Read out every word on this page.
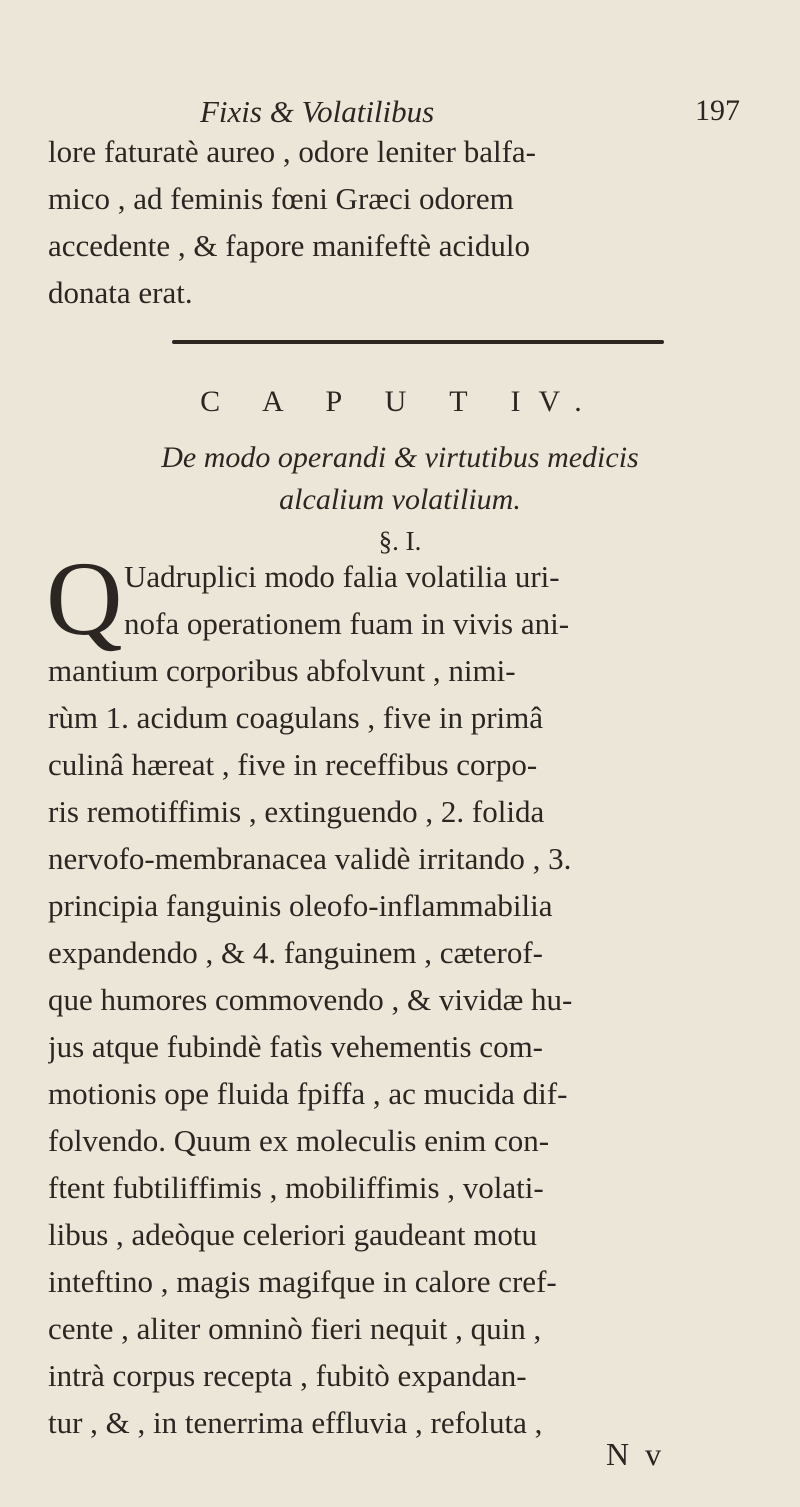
Fixis & Volatilibus	197
lore faturatè aureo , odore leniter balfa-
mico , ad feminis fœni Græci odorem
accedente , & fapore manifeftè acidulo
donata erat.
C A P U T IV.
De modo operandi & virtutibus medicis
alcalium volatilium.
§. I.
Q Uadruplici modo falia volatilia uri-
nofa operationem fuam in vivis ani-
mantium corporibus abfolvunt , nimi-
rùm 1. acidum coagulans , five in primâ
culinâ hæreat , five in receffibus corpo-
ris remotiffimis , extinguendo , 2. folida
nervofo-membranacea validè irritando , 3.
principia fanguinis oleofo-inflammabilia
expandendo , & 4. fanguinem , cæterof-
que humores commovendo , & vividæ hu-
jus atque fubindè fatìs vehementis com-
motionis ope fluida fpiffa , ac mucida dif-
folvendo. Quum ex moleculis enim con-
ftent fubtiliffimis , mobiliffimis , volati-
libus , adeòque celeriori gaudeant motu
inteftino , magis magifque in calore cref-
cente , aliter omninò fieri nequit , quin ,
intrà corpus recepta , fubitò expandan-
tur , & , in tenerrima effluvia , refoluta ,
N v
